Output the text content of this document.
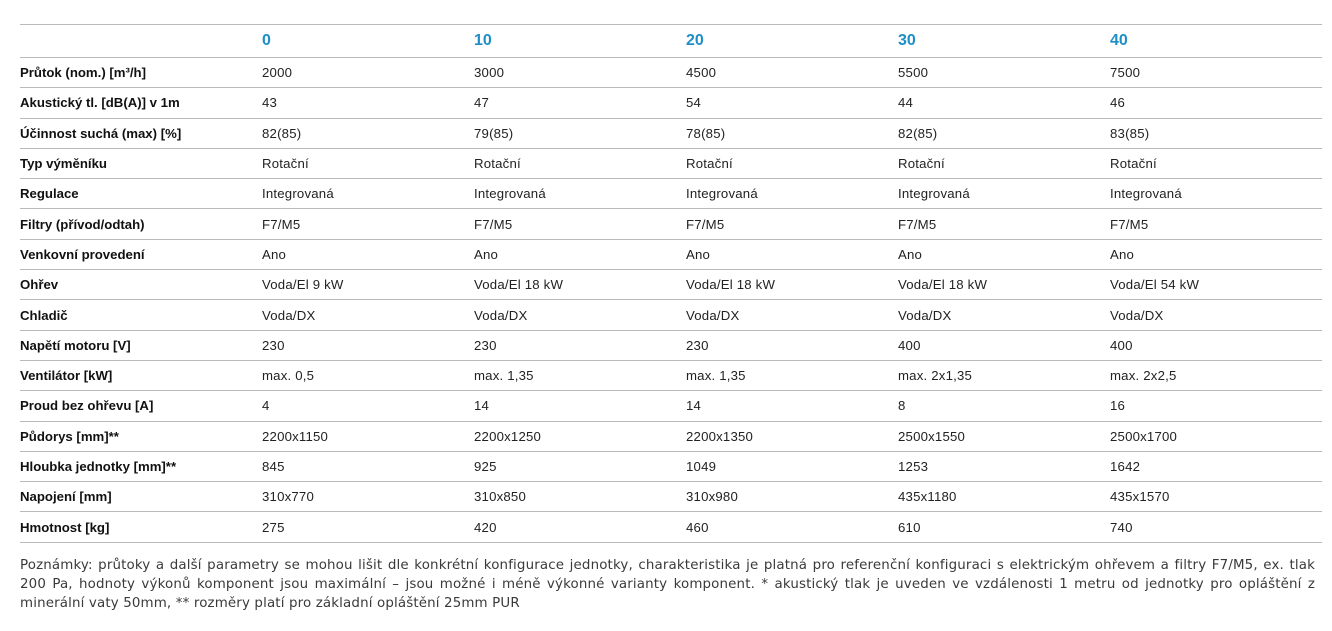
	0	10	20	30	40
Průtok (nom.) [m³/h]	2000	3000	4500	5500	7500
Akustický tl. [dB(A)] v 1m	43	47	54	44	46
Účinnost suchá (max) [%]	82(85)	79(85)	78(85)	82(85)	83(85)
Typ výměníku	Rotační	Rotační	Rotační	Rotační	Rotační
Regulace	Integrovaná	Integrovaná	Integrovaná	Integrovaná	Integrovaná
Filtry (přívod/odtah)	F7/M5	F7/M5	F7/M5	F7/M5	F7/M5
Venkovní provedení	Ano	Ano	Ano	Ano	Ano
Ohřev	Voda/El 9 kW	Voda/El 18 kW	Voda/El 18 kW	Voda/El 18 kW	Voda/El 54 kW
Chladič	Voda/DX	Voda/DX	Voda/DX	Voda/DX	Voda/DX
Napětí motoru [V]	230	230	230	400	400
Ventilátor [kW]	max. 0,5	max. 1,35	max. 1,35	max. 2x1,35	max. 2x2,5
Proud bez ohřevu [A]	4	14	14	8	16
Půdorys [mm]**	2200x1150	2200x1250	2200x1350	2500x1550	2500x1700
Hloubka jednotky [mm]**	845	925	1049	1253	1642
Napojení [mm]	310x770	310x850	310x980	435x1180	435x1570
Hmotnost [kg]	275	420	460	610	740
Poznámky: průtoky a další parametry se mohou lišit dle konkrétní konfigurace jednotky, charakteristika je platná pro referenční konfiguraci s elektrickým ohřevem a filtry F7/M5, ex. tlak 200 Pa, hodnoty výkonů komponent jsou maximální – jsou možné i méně výkonné varianty komponent. * akustický tlak je uveden ve vzdálenosti 1 metru od jednotky pro opláštění z minerální vaty 50mm, ** rozměry platí pro základní opláštění 25mm PUR
